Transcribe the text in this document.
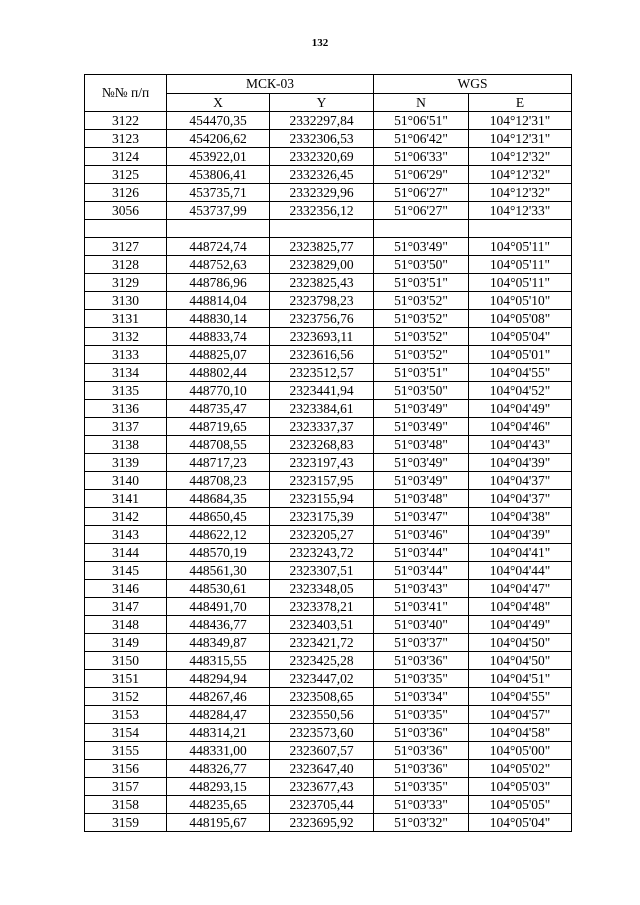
132
№№ п/п	МСК-03		WGS	
	X	Y	N	E
3122	454470,35	2332297,84	51°06'51"	104°12'31"
3123	454206,62	2332306,53	51°06'42"	104°12'31"
3124	453922,01	2332320,69	51°06'33"	104°12'32"
3125	453806,41	2332326,45	51°06'29"	104°12'32"
3126	453735,71	2332329,96	51°06'27"	104°12'32"
3056	453737,99	2332356,12	51°06'27"	104°12'33"

3127	448724,74	2323825,77	51°03'49"	104°05'11"
3128	448752,63	2323829,00	51°03'50"	104°05'11"
3129	448786,96	2323825,43	51°03'51"	104°05'11"
3130	448814,04	2323798,23	51°03'52"	104°05'10"
3131	448830,14	2323756,76	51°03'52"	104°05'08"
3132	448833,74	2323693,11	51°03'52"	104°05'04"
3133	448825,07	2323616,56	51°03'52"	104°05'01"
3134	448802,44	2323512,57	51°03'51"	104°04'55"
3135	448770,10	2323441,94	51°03'50"	104°04'52"
3136	448735,47	2323384,61	51°03'49"	104°04'49"
3137	448719,65	2323337,37	51°03'49"	104°04'46"
3138	448708,55	2323268,83	51°03'48"	104°04'43"
3139	448717,23	2323197,43	51°03'49"	104°04'39"
3140	448708,23	2323157,95	51°03'49"	104°04'37"
3141	448684,35	2323155,94	51°03'48"	104°04'37"
3142	448650,45	2323175,39	51°03'47"	104°04'38"
3143	448622,12	2323205,27	51°03'46"	104°04'39"
3144	448570,19	2323243,72	51°03'44"	104°04'41"
3145	448561,30	2323307,51	51°03'44"	104°04'44"
3146	448530,61	2323348,05	51°03'43"	104°04'47"
3147	448491,70	2323378,21	51°03'41"	104°04'48"
3148	448436,77	2323403,51	51°03'40"	104°04'49"
3149	448349,87	2323421,72	51°03'37"	104°04'50"
3150	448315,55	2323425,28	51°03'36"	104°04'50"
3151	448294,94	2323447,02	51°03'35"	104°04'51"
3152	448267,46	2323508,65	51°03'34"	104°04'55"
3153	448284,47	2323550,56	51°03'35"	104°04'57"
3154	448314,21	2323573,60	51°03'36"	104°04'58"
3155	448331,00	2323607,57	51°03'36"	104°05'00"
3156	448326,77	2323647,40	51°03'36"	104°05'02"
3157	448293,15	2323677,43	51°03'35"	104°05'03"
3158	448235,65	2323705,44	51°03'33"	104°05'05"
3159	448195,67	2323695,92	51°03'32"	104°05'04"
